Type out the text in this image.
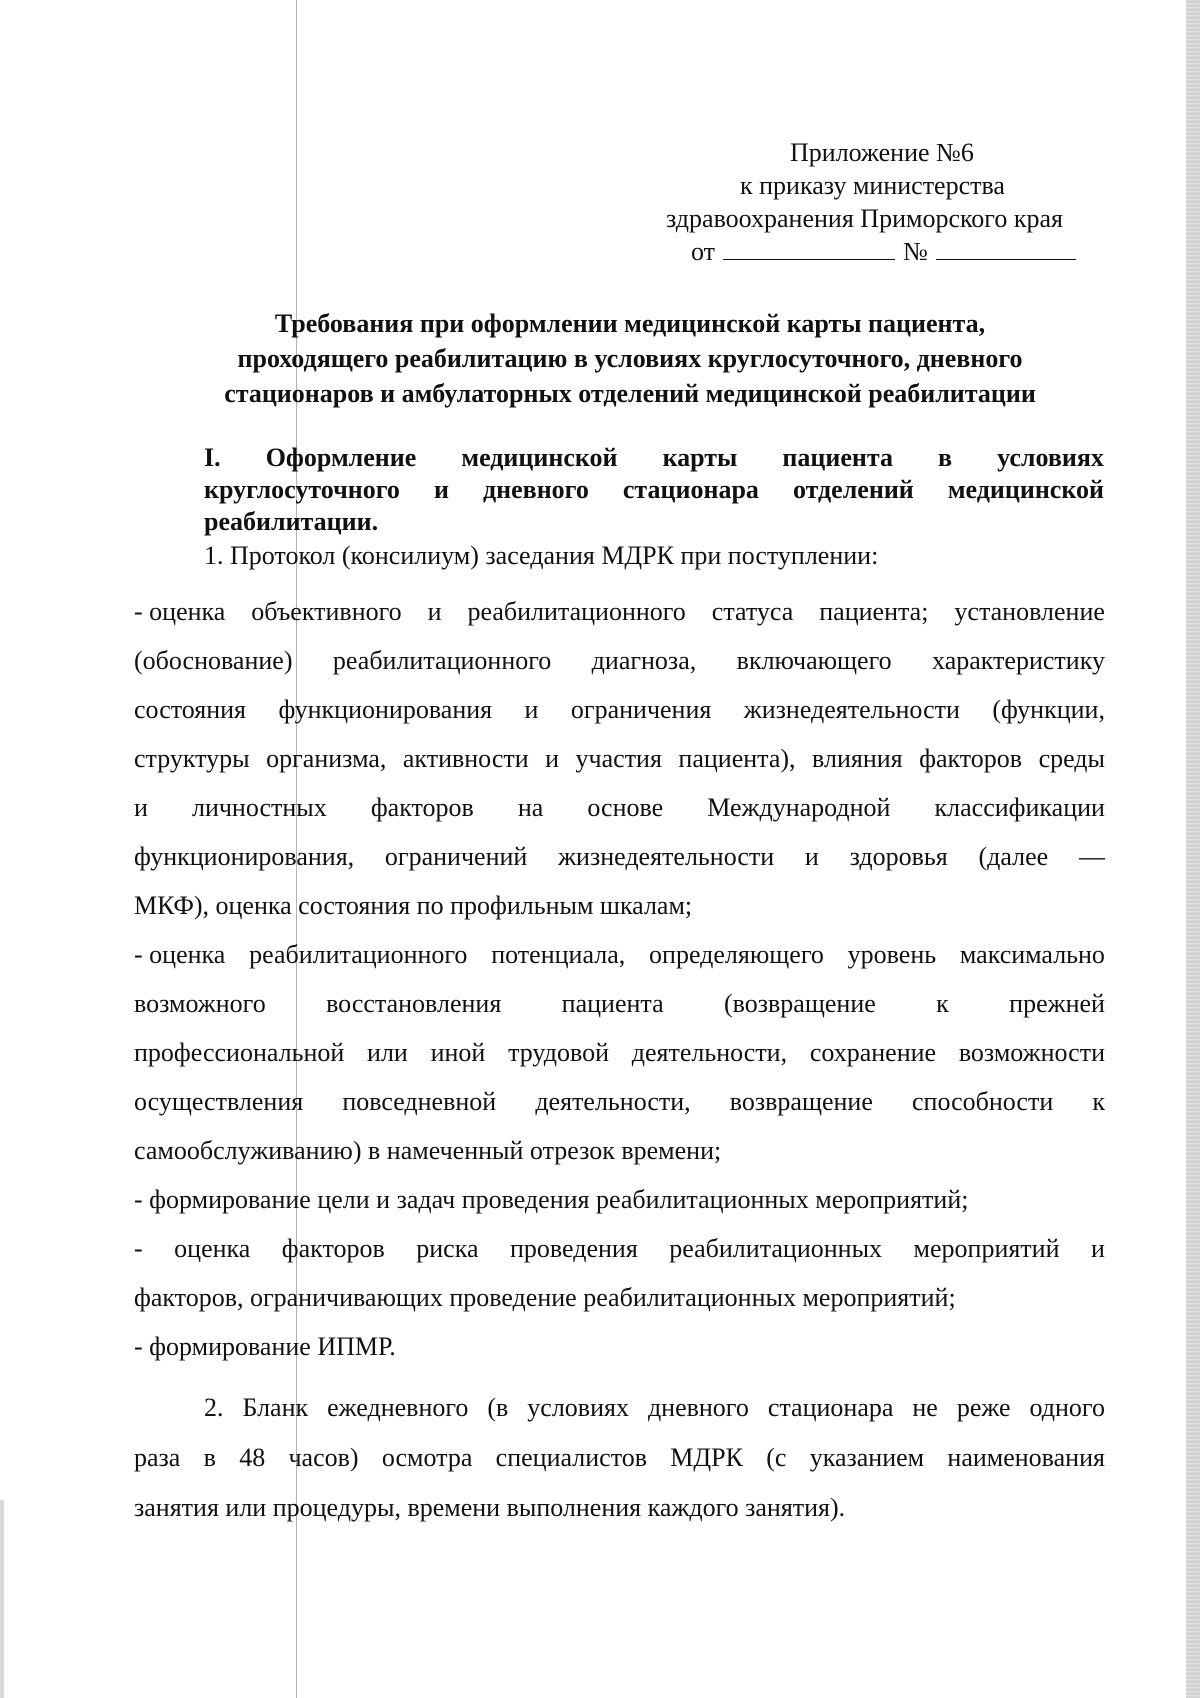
Приложение №6
к приказу министерства
здравоохранения Приморского края
от	№
Требования при оформлении медицинской карты пациента,
проходящего реабилитацию в условиях круглосуточного, дневного
стационаров и амбулаторных отделений медицинской реабилитации
I. Оформление медицинской карты пациента в условиях
круглосуточного и дневного стационара отделений медицинской
реабилитации.
1. Протокол (консилиум) заседания МДРК при поступлении:
- оценка объективного и реабилитационного статуса пациента; установление
(обоснование) реабилитационного диагноза, включающего характеристику
состояния функционирования и ограничения жизнедеятельности (функции,
структуры организма, активности и участия пациента), влияния факторов среды
и личностных факторов на основе Международной классификации
функционирования, ограничений жизнедеятельности и здоровья (далее —
МКФ), оценка состояния по профильным шкалам;
- оценка реабилитационного потенциала, определяющего уровень максимально
возможного восстановления пациента (возвращение к прежней
профессиональной или иной трудовой деятельности, сохранение возможности
осуществления повседневной деятельности, возвращение способности к
самообслуживанию) в намеченный отрезок времени;
- формирование цели и задач проведения реабилитационных мероприятий;
- оценка факторов риска проведения реабилитационных мероприятий и
факторов, ограничивающих проведение реабилитационных мероприятий;
- формирование ИПМР.
2. Бланк ежедневного (в условиях дневного стационара не реже одного
раза в 48 часов) осмотра специалистов МДРК (с указанием наименования
занятия или процедуры, времени выполнения каждого занятия).
